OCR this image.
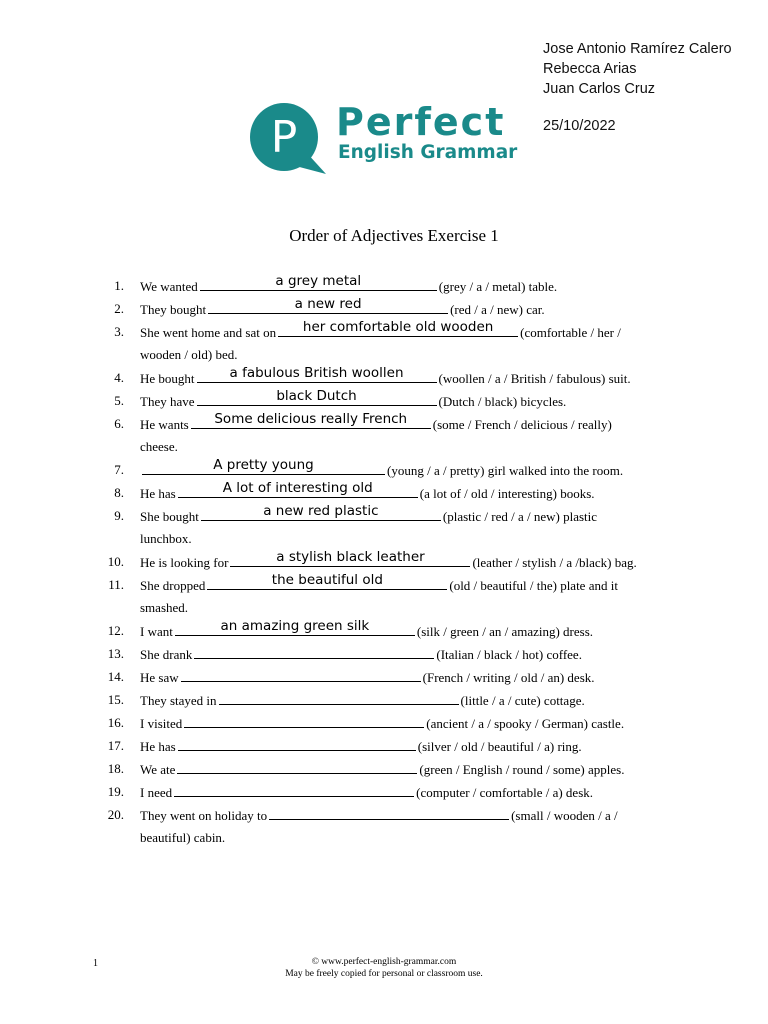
Jose Antonio Ramírez Calero
Rebecca Arias
Juan Carlos Cruz
25/10/2022
P Perfect
English Grammar
Order of Adjectives Exercise 1
1. We wanted	a grey metal	(grey / a / metal) table.
2. They bought	a new red	(red / a / new) car.
3. She went home and sat on	her comfortable old wooden	(comfortable / her /
wooden / old) bed.
4. He bought	a fabulous British woollen	(woollen / a / British / fabulous) suit.
5. They have	black Dutch	(Dutch / black) bicycles.
6. He wants	Some delicious really French	(some / French / delicious / really)
cheese.
7.	A pretty young	(young / a / pretty) girl walked into the room.
8. He has	A lot of interesting old	(a lot of / old / interesting) books.
9. She bought	a new red plastic	(plastic / red / a / new) plastic
lunchbox.
10. He is looking for	a stylish black leather	(leather / stylish / a /black) bag.
11. She dropped	the beautiful old	(old / beautiful / the) plate and it
smashed.
12. I want	an amazing green silk	(silk / green / an / amazing) dress.
13. She drank	(Italian / black / hot) coffee.
14. He saw	(French / writing / old / an) desk.
15. They stayed in	(little / a / cute) cottage.
16. I visited	(ancient / a / spooky / German) castle.
17. He has	(silver / old / beautiful / a) ring.
18. We ate	(green / English / round / some) apples.
19. I need	(computer / comfortable / a) desk.
20. They went on holiday to	(small / wooden / a /
beautiful) cabin.
1	© www.perfect-english-grammar.com
May be freely copied for personal or classroom use.
